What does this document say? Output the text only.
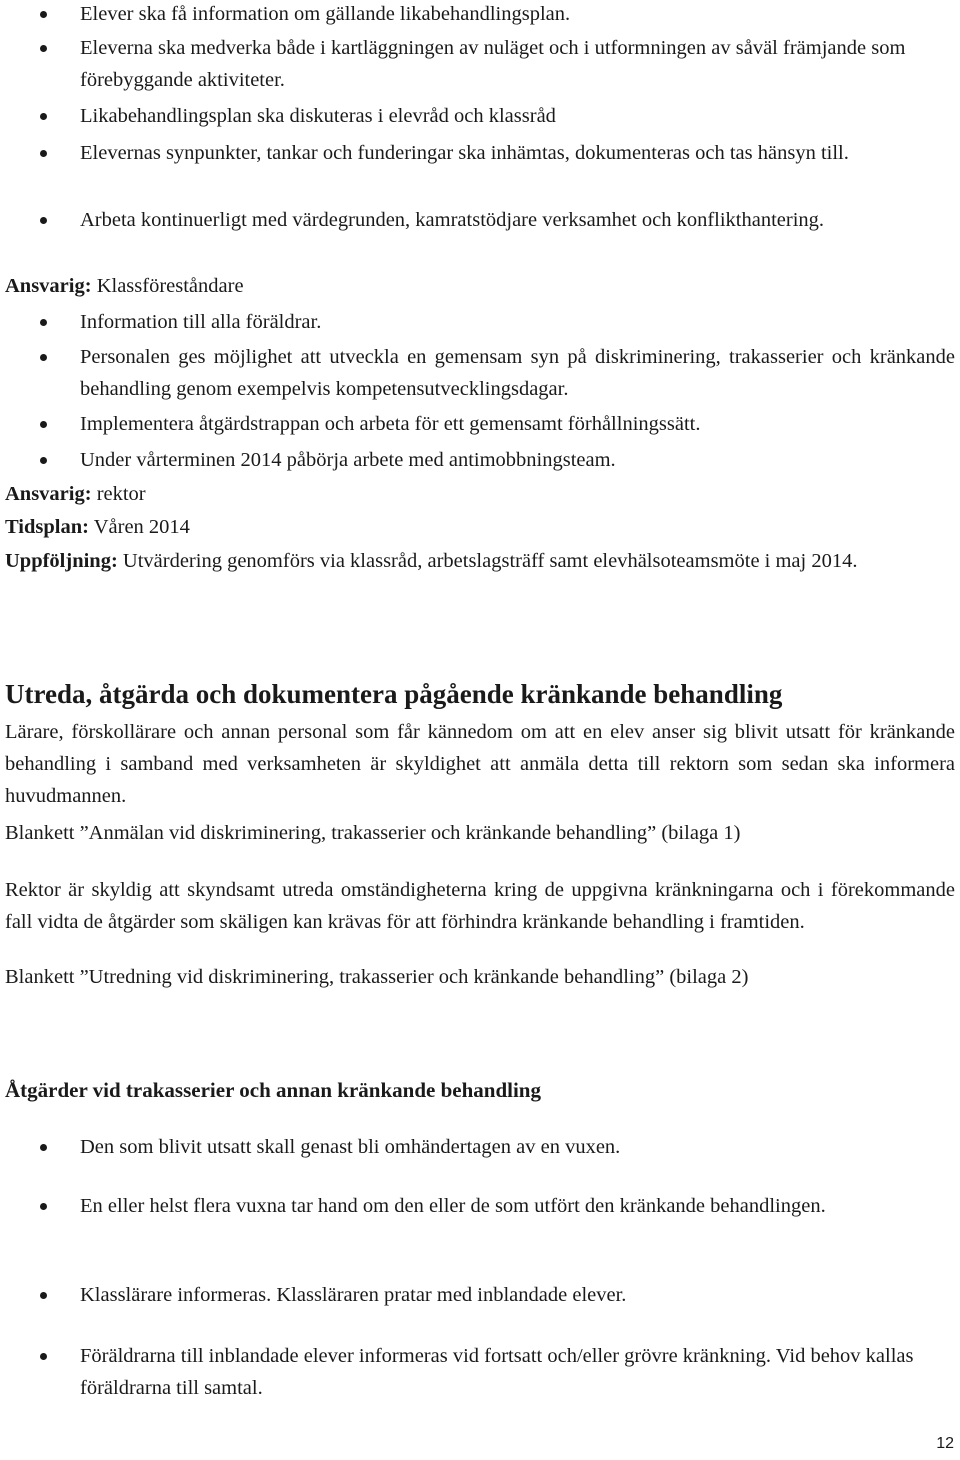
Elever ska få information om gällande likabehandlingsplan.
Eleverna ska medverka både i kartläggningen av nuläget och i utformningen av såväl främjande som förebyggande aktiviteter.
Likabehandlingsplan ska diskuteras i elevråd och klassråd
Elevernas synpunkter, tankar och funderingar ska inhämtas, dokumenteras och tas hänsyn till.
Arbeta kontinuerligt med värdegrunden, kamratstödjare verksamhet och konflikthantering.
Ansvarig: Klassföreståndare
Information till alla föräldrar.
Personalen ges möjlighet att utveckla en gemensam syn på diskriminering, trakasserier och kränkande behandling genom exempelvis kompetensutvecklingsdagar.
Implementera åtgärdstrappan och arbeta för ett gemensamt förhållningssätt.
Under vårterminen 2014 påbörja arbete med antimobbningsteam.
Ansvarig: rektor
Tidsplan: Våren 2014
Uppföljning: Utvärdering genomförs via klassråd, arbetslagsträff samt elevhälsoteamsmöte i maj 2014.
Utreda, åtgärda och dokumentera pågående kränkande behandling
Lärare, förskollärare och annan personal som får kännedom om att en elev anser sig blivit utsatt för kränkande behandling i samband med verksamheten är skyldighet att anmäla detta till rektorn som sedan ska informera huvudmannen.
Blankett ”Anmälan vid diskriminering, trakasserier och kränkande behandling” (bilaga 1)
Rektor är skyldig att skyndsamt utreda omständigheterna kring de uppgivna kränkningarna och i förekommande fall vidta de åtgärder som skäligen kan krävas för att förhindra kränkande behandling i framtiden.
Blankett ”Utredning vid diskriminering, trakasserier och kränkande behandling” (bilaga 2)
Åtgärder vid trakasserier och annan kränkande behandling
Den som blivit utsatt skall genast bli omhändertagen av en vuxen.
En eller helst flera vuxna tar hand om den eller de som utfört den kränkande behandlingen.
Klasslärare informeras. Klassläraren pratar med inblandade elever.
Föräldrarna till inblandade elever informeras vid fortsatt och/eller grövre kränkning. Vid behov kallas föräldrarna till samtal.
12
